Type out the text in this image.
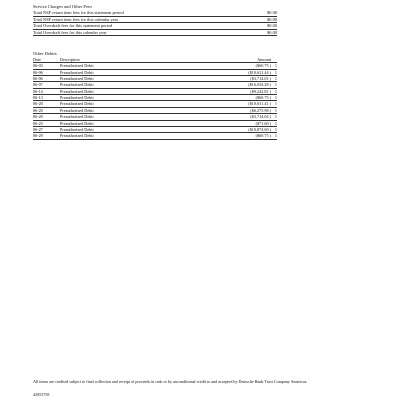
Service Charges and Other Fees
Total NSF return item fees for this statement period	$0.00
Total NSF return item fees for this calendar year	$0.00
Total Overdraft fees for this statement period	$0.00
Total Overdraft fees for this calendar year	$0.00
Other Debits
Date	Description	Amount	
06-03	Preauthorized Debit	($60.75 )	1
06-06	Preauthorized Debit	($10,631.44 )	1
06-06	Preauthorized Debit	($3,714.01 )	1
06-07	Preauthorized Debit	($16,034.28 )	1
06-14	Preauthorized Debit	($9,242.81 )	1
06-13	Preauthorized Debit	($60.75 )	1
06-20	Preauthorized Debit	($10,631.41 )	1
06-20	Preauthorized Debit	($6,275.98 )	1
06-20	Preauthorized Debit	($3,714.04 )	1
06-25	Preauthorized Debit	($71.60 )	1
06-27	Preauthorized Debit	($10,874.60 )	1
06-29	Preauthorized Debit	($60.75 )	1
All items are credited subject to final collection and receipt of proceeds in cash or by unconditional credit to and accepted by Deutsche Bank Trust Company Americas.
42953758
